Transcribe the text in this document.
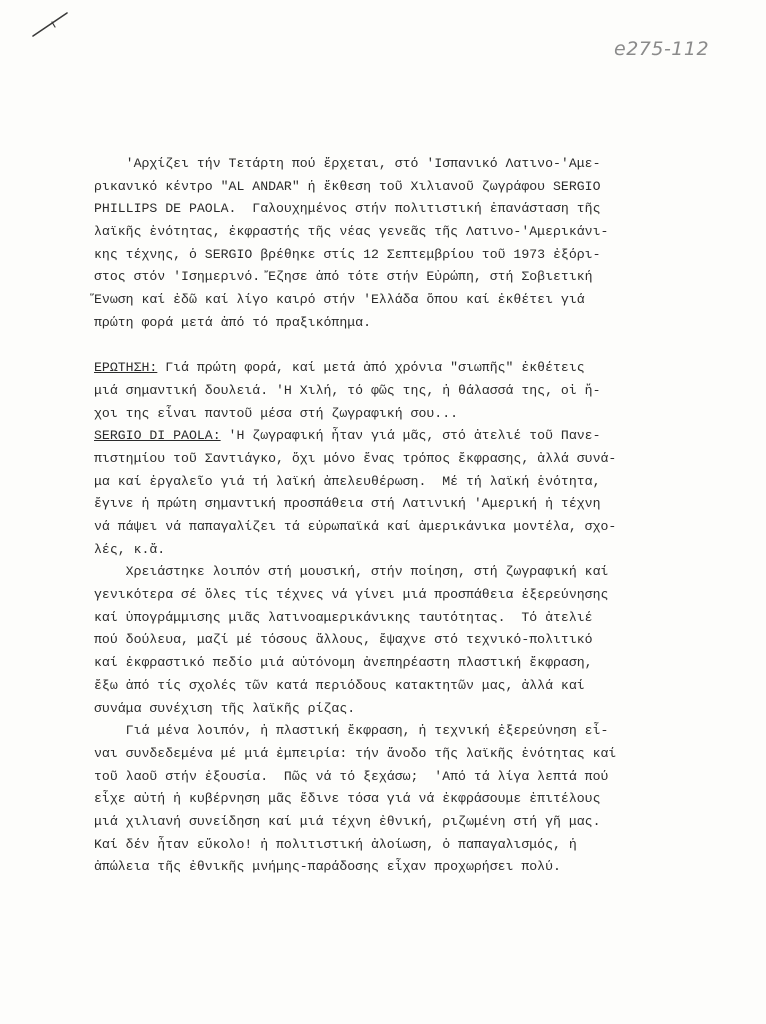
e275-112
'Αρχίζει τήν Τετάρτη πού ἔρχεται, στό 'Ισπανικό Λατινο-'Αμε-
ρικανικό κέντρο "AL ANDAR" ἡ ἔκθεση τοῦ Χιλιανοῦ ζωγράφου SERGIO
PHILLIPS DE PAOLA.  Γαλουχημένος στήν πολιτιστική ἐπανάσταση τῆς
λαϊκῆς ἑνότητας, ἐκφραστής τῆς νέας γενεᾶς τῆς Λατινο-'Αμερικάνι-
κης τέχνης, ὁ SERGIO βρέθηκε στίς 12 Σεπτεμβρίου τοῦ 1973 ἐξόρι-
στος στόν 'Ισημερινό. Ἔζησε ἀπό τότε στήν Εὐρώπη, στή Σοβιετική
Ἕνωση καί ἐδῶ καί λίγο καιρό στήν 'Ελλάδα ὅπου καί ἐκθέτει γιά
πρώτη φορά μετά ἀπό τό πραξικόπημα.
ΕΡΩΤΗΣΗ: Γιά πρώτη φορά, καί μετά ἀπό χρόνια "σιωπῆς" ἐκθέτεις
μιά σημαντική δουλειά. 'Η Χιλή, τό φῶς της, ἡ θάλασσά της, οἱ ἤ-
χοι της εἶναι παντοῦ μέσα στή ζωγραφική σου...
SERGIO DI PAOLA: 'Η ζωγραφική ἦταν γιά μᾶς, στό ἀτελιέ τοῦ Πανε-
πιστημίου τοῦ Σαντιάγκο, ὄχι μόνο ἕνας τρόπος ἔκφρασης, ἀλλά συνά-
μα καί ἐργαλεῖο γιά τή λαϊκή ἀπελευθέρωση.  Μέ τή λαϊκή ἑνότητα,
ἔγινε ἡ πρώτη σημαντική προσπάθεια στή Λατινική 'Αμερική ἡ τέχνη
νά πάψει νά παπαγαλίζει τά εὐρωπαϊκά καί ἀμερικάνικα μοντέλα, σχο-
λές, κ.ἄ.
Χρειάστηκε λοιπόν στή μουσική, στήν ποίηση, στή ζωγραφική καί
γενικότερα σέ ὅλες τίς τέχνες νά γίνει μιά προσπάθεια ἐξερεύνησης
καί ὑπογράμμισης μιᾶς λατινοαμερικάνικης ταυτότητας.  Τό ἀτελιέ
πού δούλευα, μαζί μέ τόσους ἄλλους, ἔψαχνε στό τεχνικό-πολιτικό
καί ἐκφραστικό πεδίο μιά αὐτόνομη ἀνεπηρέαστη πλαστική ἔκφραση,
ἔξω ἀπό τίς σχολές τῶν κατά περιόδους κατακτητῶν μας, ἀλλά καί
συνάμα συνέχιση τῆς λαϊκῆς ρίζας.
Γιά μένα λοιπόν, ἡ πλαστική ἔκφραση, ἡ τεχνική ἐξερεύνηση εἶ-
ναι συνδεδεμένα μέ μιά ἐμπειρία: τήν ἄνοδο τῆς λαϊκῆς ἑνότητας καί
τοῦ λαοῦ στήν ἐξουσία.  Πῶς νά τό ξεχάσω;  'Από τά λίγα λεπτά πού
εἶχε αὐτή ἡ κυβέρνηση μᾶς ἔδινε τόσα γιά νά ἐκφράσουμε ἐπιτέλους
μιά χιλιανή συνείδηση καί μιά τέχνη ἐθνική, ριζωμένη στή γῆ μας.
Καί δέν ἦταν εὔκολο! ἡ πολιτιστική ἀλοίωση, ὁ παπαγαλισμός, ἡ
ἀπώλεια τῆς ἐθνικῆς μνήμης-παράδοσης εἶχαν προχωρήσει πολύ.
